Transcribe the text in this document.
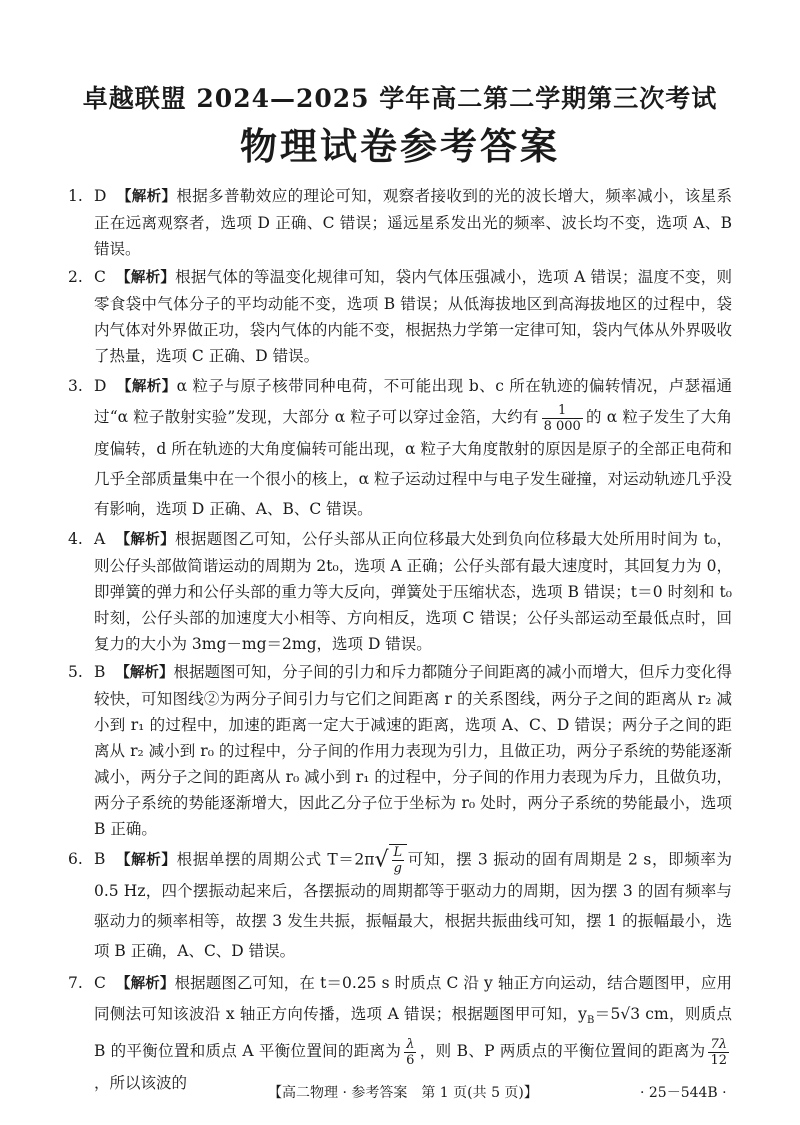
卓越联盟 2024—2025 学年高二第二学期第三次考试
物理试卷参考答案
1. D 【解析】根据多普勒效应的理论可知，观察者接收到的光的波长增大，频率减小，该星系正在远离观察者，选项 D 正确、C 错误；遥远星系发出光的频率、波长均不变，选项 A、B 错误。
2. C 【解析】根据气体的等温变化规律可知，袋内气体压强减小，选项 A 错误；温度不变，则零食袋中气体分子的平均动能不变，选项 B 错误；从低海拔地区到高海拔地区的过程中，袋内气体对外界做正功，袋内气体的内能不变，根据热力学第一定律可知，袋内气体从外界吸收了热量，选项 C 正确、D 错误。
3. D 【解析】α 粒子与原子核带同种电荷，不可能出现 b、c 所在轨迹的偏转情况，卢瑟福通过“α 粒子散射实验”发现，大部分 α 粒子可以穿过金箔，大约有 $\frac{1}{8 000}$ 的 α 粒子发生了大角度偏转，d 所在轨迹的大角度偏转可能出现，α 粒子大角度散射的原因是原子的全部正电荷和几乎全部质量集中在一个很小的核上，α 粒子运动过程中与电子发生碰撞，对运动轨迹几乎没有影响，选项 D 正确、A、B、C 错误。
4. A 【解析】根据题图乙可知，公仔头部从正向位移最大处到负向位移最大处所用时间为 t₀，则公仔头部做简谐运动的周期为 2t₀，选项 A 正确；公仔头部有最大速度时，其回复力为 0，即弹簧的弹力和公仔头部的重力等大反向，弹簧处于压缩状态，选项 B 错误；t＝0 时刻和 t₀ 时刻，公仔头部的加速度大小相等、方向相反，选项 C 错误；公仔头部运动至最低点时，回复力的大小为 3mg－mg＝2mg，选项 D 错误。
5. B 【解析】根据题图可知，分子间的引力和斥力都随分子间距离的减小而增大，但斥力变化得较快，可知图线②为两分子间引力与它们之间距离 r 的关系图线，两分子之间的距离从 r₂ 减小到 r₁ 的过程中，加速的距离一定大于减速的距离，选项 A、C、D 错误；两分子之间的距离从 r₂ 减小到 r₀ 的过程中，分子间的作用力表现为引力，且做正功，两分子系统的势能逐渐减小，两分子之间的距离从 r₀ 减小到 r₁ 的过程中，分子间的作用力表现为斥力，且做负功，两分子系统的势能逐渐增大，因此乙分子位于坐标为 r₀ 处时，两分子系统的势能最小，选项 B 正确。
6. B 【解析】根据单摆的周期公式 $T=2\pi√ \frac{L}{g}$ 可知，摆 3 振动的固有周期是 2 s，即频率为 0.5 Hz，四个摆振动起来后，各摆振动的周期都等于驱动力的周期，因为摆 3 的固有频率与驱动力的频率相等，故摆 3 发生共振，振幅最大，根据共振曲线可知，摆 1 的振幅最小，选项 B 正确，A、C、D 错误。
7. C 【解析】根据题图乙可知，在 t＝0.25 s 时质点 C 沿 y 轴正方向运动，结合题图甲，应用同侧法可知该波沿 x 轴正方向传播，选项 A 错误；根据题图甲可知，$y_B=5√3$ cm，则质点 B 的平衡位置和质点 A 平衡位置间的距离为 $\frac{\lambda}{6}$ ，则 B、P 两质点的平衡位置间的距离为 $\frac{7\lambda}{12}$
，所以该波的
【高二物理 · 参考答案　第 1 页(共 5 页)】	· 25－544B ·
